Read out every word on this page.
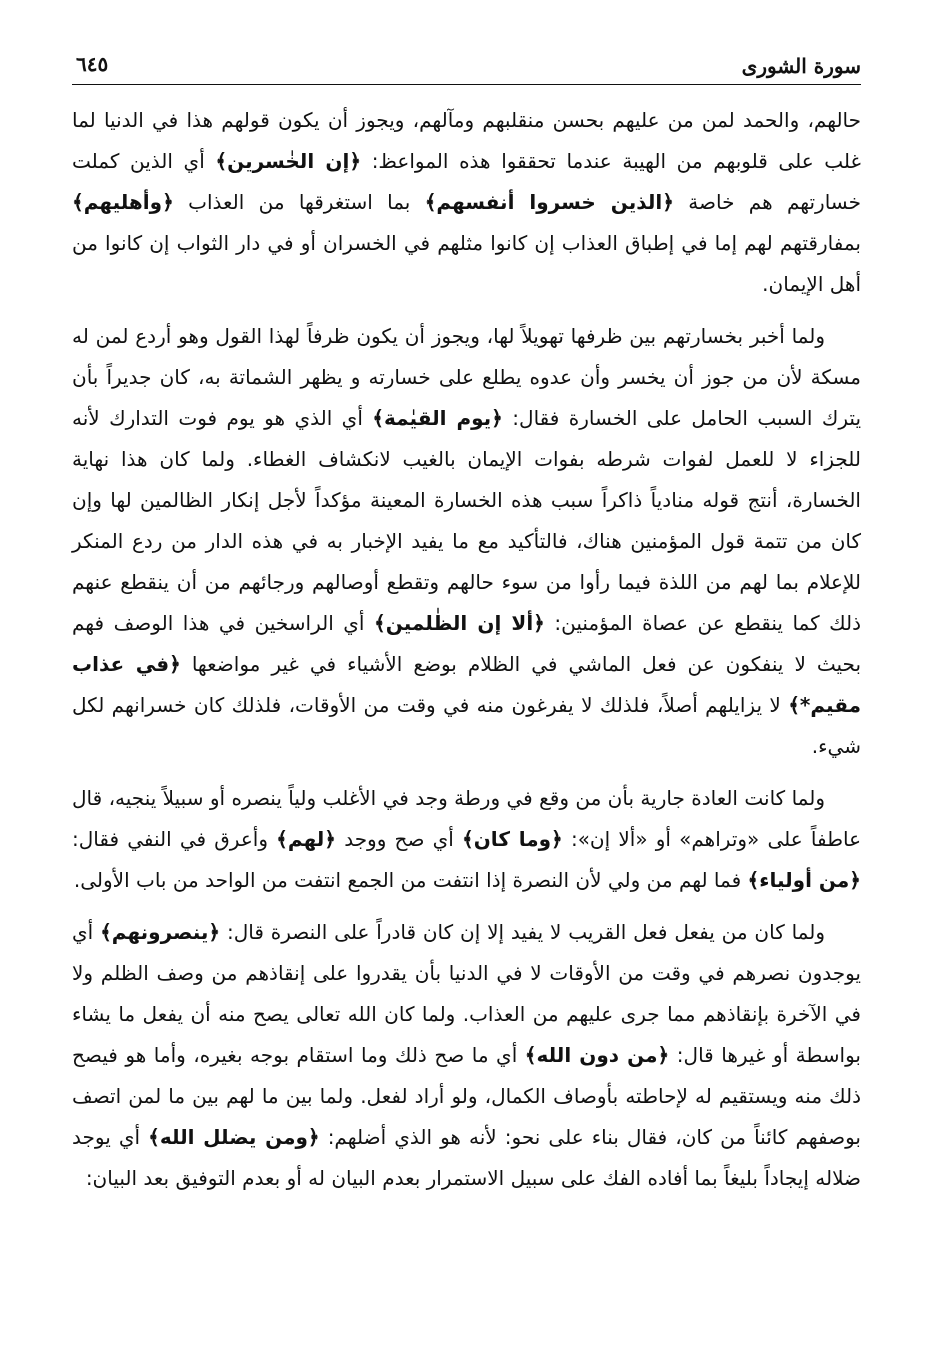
سورة الشورى
٦٤٥

حالهم، والحمد لمن من عليهم بحسن منقلبهم ومآلهم، ويجوز أن يكون قولهم هذا في الدنيا لما غلب على قلوبهم من الهيبة عندما تحققوا هذه المواعظ: ﴿إن الخٰسرين﴾ أي الذين كملت خسارتهم هم خاصة ﴿الذين خسروا أنفسهم﴾ بما استغرقها من العذاب ﴿وأهليهم﴾ بمفارقتهم لهم إما في إطباق العذاب إن كانوا مثلهم في الخسران أو في دار الثواب إن كانوا من أهل الإيمان.

ولما أخبر بخسارتهم بين ظرفها تهويلاً لها، ويجوز أن يكون ظرفاً لهذا القول وهو أردع لمن له مسكة لأن من جوز أن يخسر وأن عدوه يطلع على خسارته و يظهر الشماتة به، كان جديراً بأن يترك السبب الحامل على الخسارة فقال: ﴿يوم القيٰمة﴾ أي الذي هو يوم فوت التدارك لأنه للجزاء لا للعمل لفوات شرطه بفوات الإيمان بالغيب لانكشاف الغطاء. ولما كان هذا نهاية الخسارة، أنتج قوله منادياً ذاكراً سبب هذه الخسارة المعينة مؤكداً لأجل إنكار الظالمين لها وإن كان من تتمة قول المؤمنين هناك، فالتأكيد مع ما يفيد الإخبار به في هذه الدار من ردع المنكر للإعلام بما لهم من اللذة فيما رأوا من سوء حالهم وتقطع أوصالهم ورجائهم من أن ينقطع عنهم ذلك كما ينقطع عن عصاة المؤمنين: ﴿ألا إن الظٰلمين﴾ أي الراسخين في هذا الوصف فهم بحيث لا ينفكون عن فعل الماشي في الظلام بوضع الأشياء في غير مواضعها ﴿في عذاب مقيم*﴾ لا يزايلهم أصلاً، فلذلك لا يفرغون منه في وقت من الأوقات، فلذلك كان خسرانهم لكل شيء.

ولما كانت العادة جارية بأن من وقع في ورطة وجد في الأغلب ولياً ينصره أو سبيلاً ينجيه، قال عاطفاً على «وتراهم» أو «ألا إن»: ﴿وما كان﴾ أي صح ووجد ﴿لهم﴾ وأعرق في النفي فقال: ﴿من أولياء﴾ فما لهم من ولي لأن النصرة إذا انتفت من الجمع انتفت من الواحد من باب الأولى.

ولما كان من يفعل فعل القريب لا يفيد إلا إن كان قادراً على النصرة قال: ﴿ينصرونهم﴾ أي يوجدون نصرهم في وقت من الأوقات لا في الدنيا بأن يقدروا على إنقاذهم من وصف الظلم ولا في الآخرة بإنقاذهم مما جرى عليهم من العذاب. ولما كان الله تعالى يصح منه أن يفعل ما يشاء بواسطة أو غيرها قال: ﴿من دون الله﴾ أي ما صح ذلك وما استقام بوجه بغيره، وأما هو فيصح ذلك منه ويستقيم له لإحاطته بأوصاف الكمال، ولو أراد لفعل. ولما بين ما لهم بين ما لمن اتصف بوصفهم كائناً من كان، فقال بناء على نحو: لأنه هو الذي أضلهم: ﴿ومن يضلل الله﴾ أي يوجد ضلاله إيجاداً بليغاً بما أفاده الفك على سبيل الاستمرار بعدم البيان له أو بعدم التوفيق بعد البيان:
